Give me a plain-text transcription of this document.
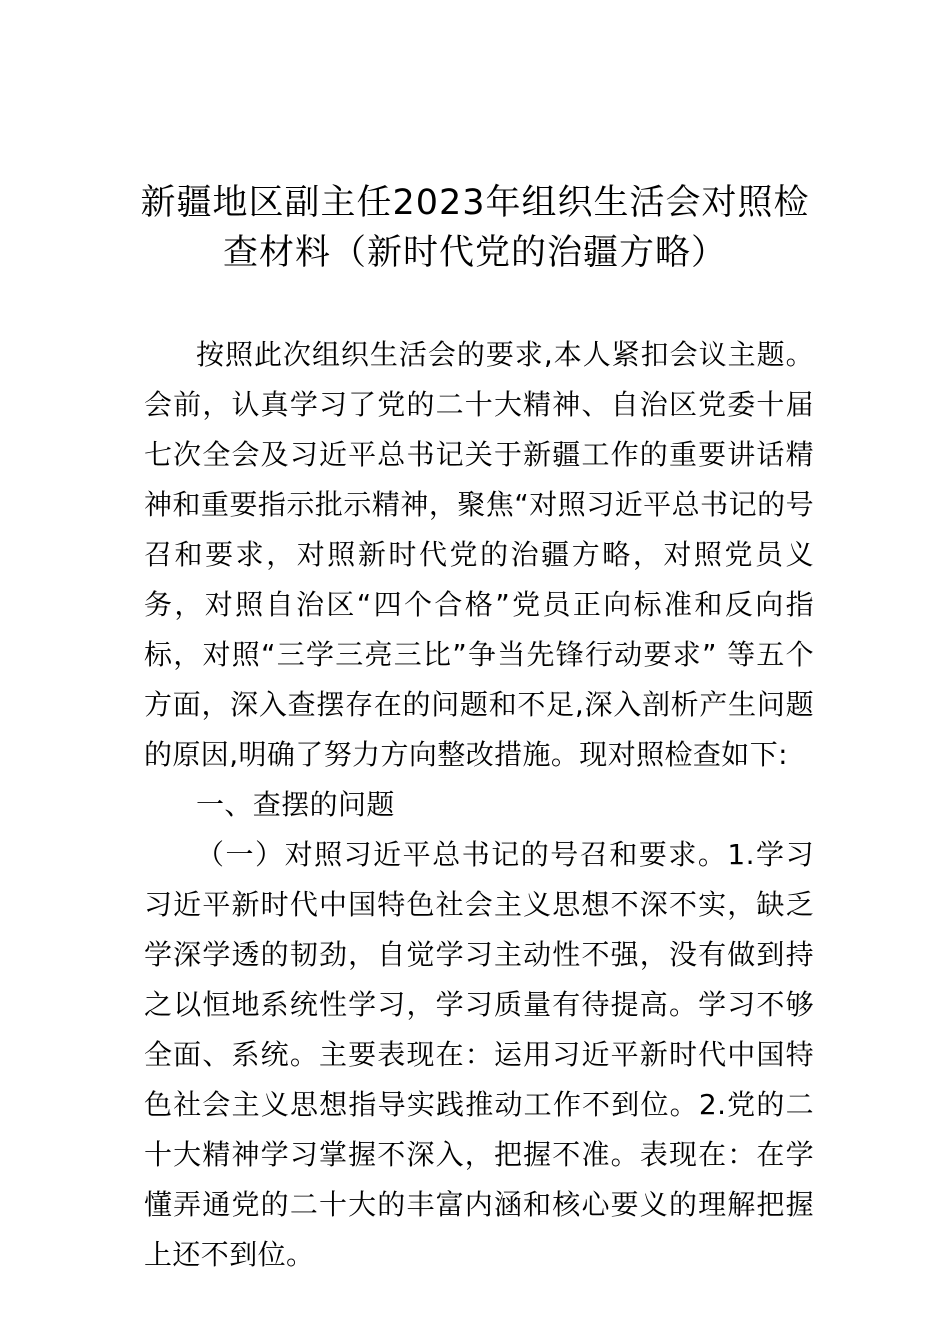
新疆地区副主任2023年组织生活会对照检
查材料（新时代党的治疆方略）

按照此次组织生活会的要求,本人紧扣会议主题。会前，认真学习了党的二十大精神、自治区党委十届七次全会及习近平总书记关于新疆工作的重要讲话精神和重要指示批示精神，聚焦“对照习近平总书记的号召和要求，对照新时代党的治疆方略，对照党员义务，对照自治区“四个合格”党员正向标准和反向指标，对照“三学三亮三比”争当先锋行动要求” 等五个方面，深入查摆存在的问题和不足,深入剖析产生问题的原因,明确了努力方向整改措施。现对照检查如下:

一、查摆的问题

（一）对照习近平总书记的号召和要求。1.学习习近平新时代中国特色社会主义思想不深不实，缺乏学深学透的韧劲，自觉学习主动性不强，没有做到持之以恒地系统性学习，学习质量有待提高。学习不够全面、系统。主要表现在：运用习近平新时代中国特色社会主义思想指导实践推动工作不到位。2.党的二十大精神学习掌握不深入，把握不准。表现在：在学懂弄通党的二十大的丰富内涵和核心要义的理解把握上还不到位。
